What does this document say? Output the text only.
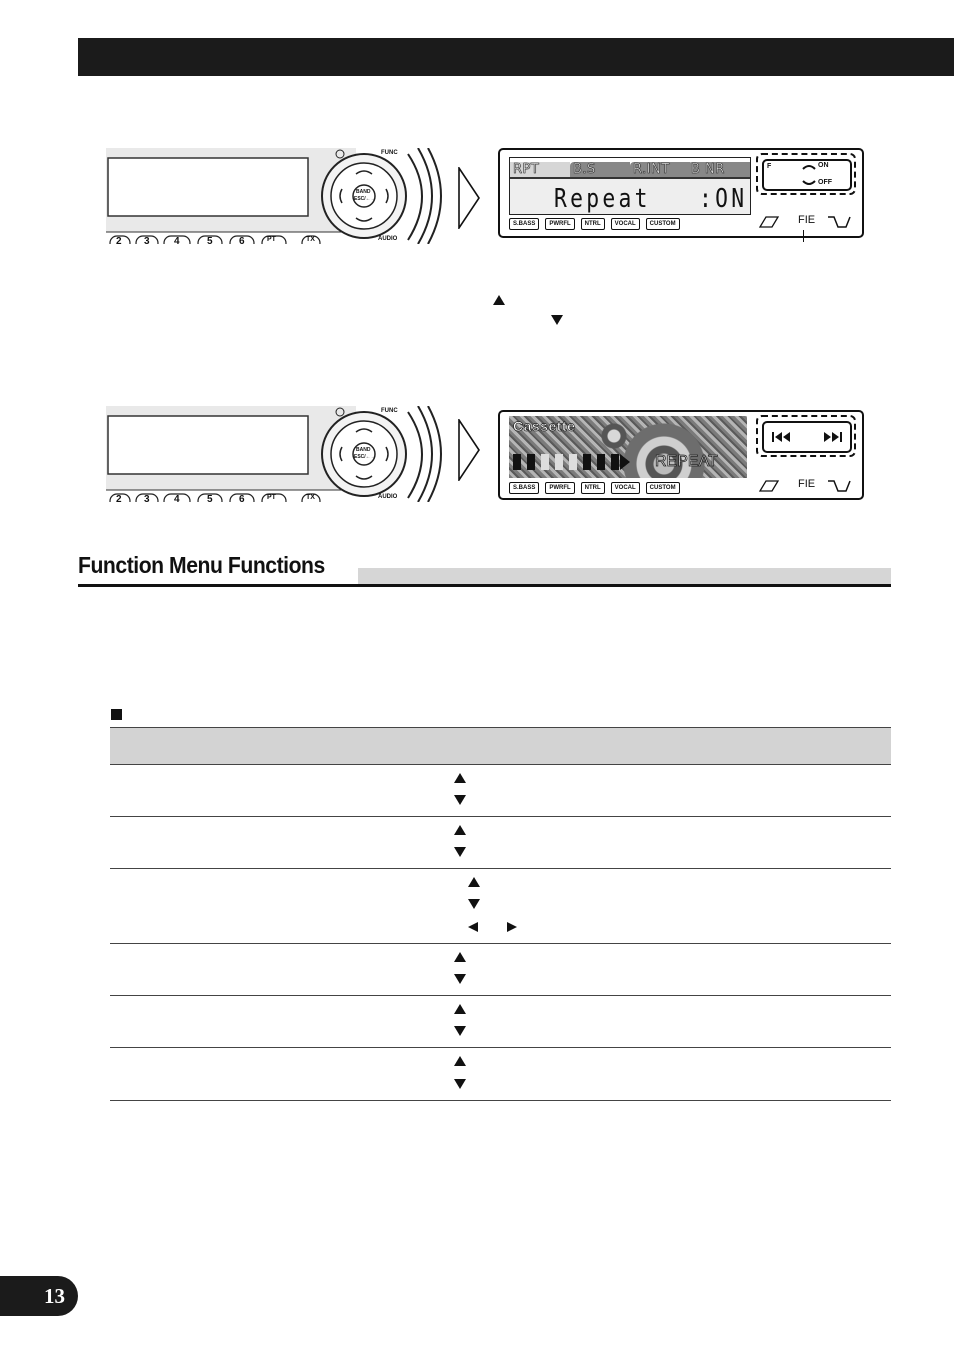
FUNC
AUDIO
BAND
ESC/←→
2 3 4	5	6	PT	TX
RPT	B.S	R.INT	B NR
Repeat   :ON
F	ON
OFF
S.BASS	PWRFL	NTRL	VOCAL	CUSTOM	FIE
FUNC
AUDIO
BAND
ESC/←→
2 3 4	5	6	PT	TX
Cassette
REPEAT
S.BASS	PWRFL	NTRL	VOCAL	CUSTOM	FIE
Function Menu Functions
13
